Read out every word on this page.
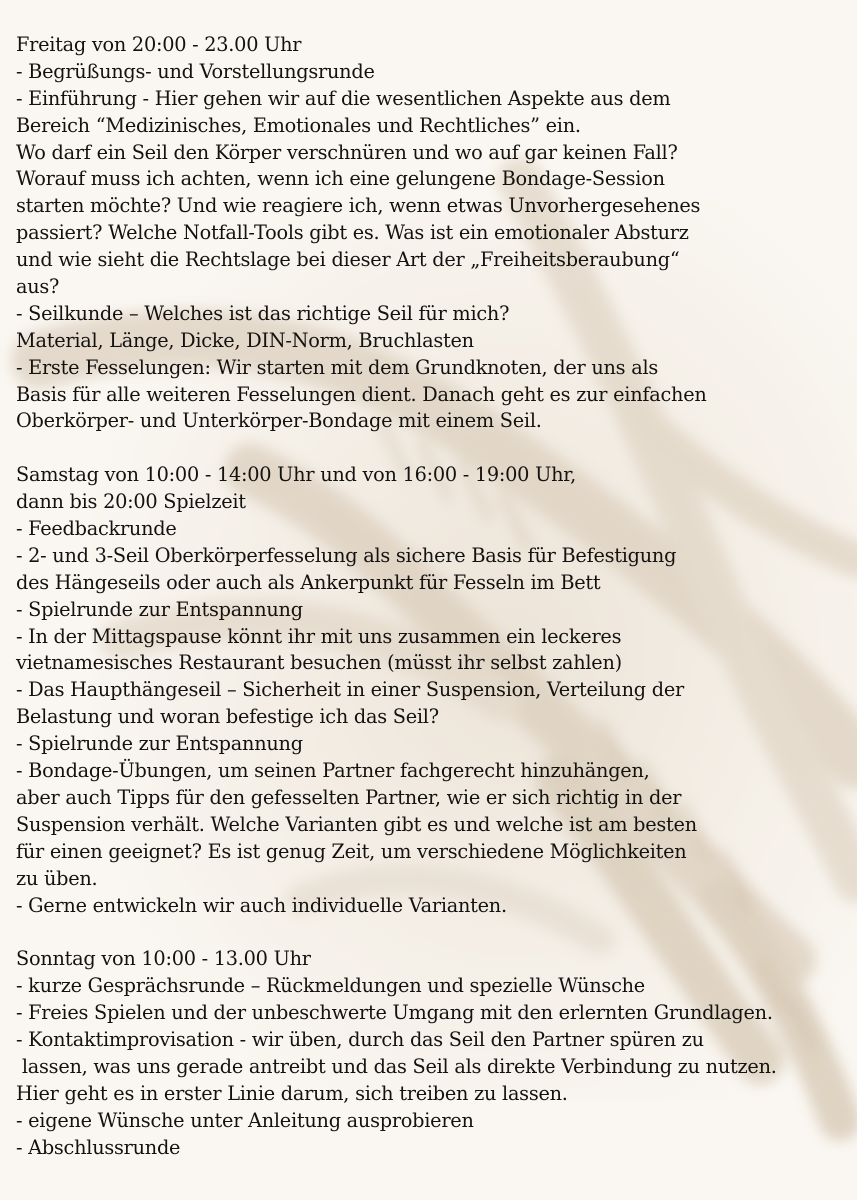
Freitag von 20:00 - 23.00 Uhr
- Begrüßungs- und Vorstellungsrunde
- Einführung - Hier gehen wir auf die wesentlichen Aspekte aus dem
Bereich “Medizinisches, Emotionales und Rechtliches” ein.
Wo darf ein Seil den Körper verschnüren und wo auf gar keinen Fall?
Worauf muss ich achten, wenn ich eine gelungene Bondage-Session
starten möchte? Und wie reagiere ich, wenn etwas Unvorhergesehenes
passiert? Welche Notfall-Tools gibt es. Was ist ein emotionaler Absturz
und wie sieht die Rechtslage bei dieser Art der „Freiheitsberaubung“
aus?
- Seilkunde – Welches ist das richtige Seil für mich?
Material, Länge, Dicke, DIN-Norm, Bruchlasten
- Erste Fesselungen: Wir starten mit dem Grundknoten, der uns als
Basis für alle weiteren Fesselungen dient. Danach geht es zur einfachen
Oberkörper- und Unterkörper-Bondage mit einem Seil.
Samstag von 10:00 - 14:00 Uhr und von 16:00 - 19:00 Uhr,
dann bis 20:00 Spielzeit
- Feedbackrunde
- 2- und 3-Seil Oberkörperfesselung als sichere Basis für Befestigung
des Hängeseils oder auch als Ankerpunkt für Fesseln im Bett
- Spielrunde zur Entspannung
- In der Mittagspause könnt ihr mit uns zusammen ein leckeres
vietnamesisches Restaurant besuchen (müsst ihr selbst zahlen)
- Das Haupthängeseil – Sicherheit in einer Suspension, Verteilung der
Belastung und woran befestige ich das Seil?
- Spielrunde zur Entspannung
- Bondage-Übungen, um seinen Partner fachgerecht hinzuhängen,
aber auch Tipps für den gefesselten Partner, wie er sich richtig in der
Suspension verhält. Welche Varianten gibt es und welche ist am besten
für einen geeignet? Es ist genug Zeit, um verschiedene Möglichkeiten
zu üben.
- Gerne entwickeln wir auch individuelle Varianten.
Sonntag von 10:00 - 13.00 Uhr
- kurze Gesprächsrunde – Rückmeldungen und spezielle Wünsche
- Freies Spielen und der unbeschwerte Umgang mit den erlernten Grundlagen.
- Kontaktimprovisation - wir üben, durch das Seil den Partner spüren zu
lassen, was uns gerade antreibt und das Seil als direkte Verbindung zu nutzen.
Hier geht es in erster Linie darum, sich treiben zu lassen.
- eigene Wünsche unter Anleitung ausprobieren
- Abschlussrunde
